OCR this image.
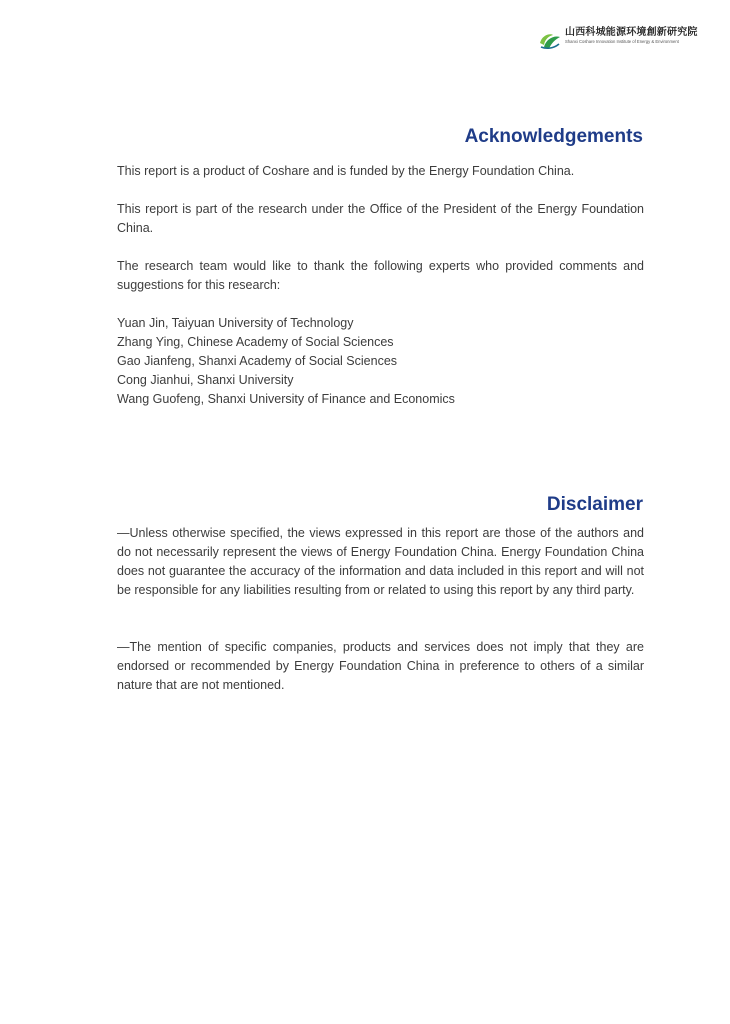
山西科城能源环境創新研究院
Shanxi Coshare Innovation Institute of Energy & Environment
Acknowledgements

This report is a product of Coshare and is funded by the Energy Foundation China.

This report is part of the research under the Office of the President of the Energy Foundation China.

The research team would like to thank the following experts who provided comments and suggestions for this research:

Yuan Jin, Taiyuan University of Technology
Zhang Ying, Chinese Academy of Social Sciences
Gao Jianfeng, Shanxi Academy of Social Sciences
Cong Jianhui, Shanxi University
Wang Guofeng, Shanxi University of Finance and Economics
Disclaimer

—Unless otherwise specified, the views expressed in this report are those of the authors and do not necessarily represent the views of Energy Foundation China. Energy Foundation China does not guarantee the accuracy of the information and data included in this report and will not be responsible for any liabilities resulting from or related to using this report by any third party.

—The mention of specific companies, products and services does not imply that they are endorsed or recommended by Energy Foundation China in preference to others of a similar nature that are not mentioned.
